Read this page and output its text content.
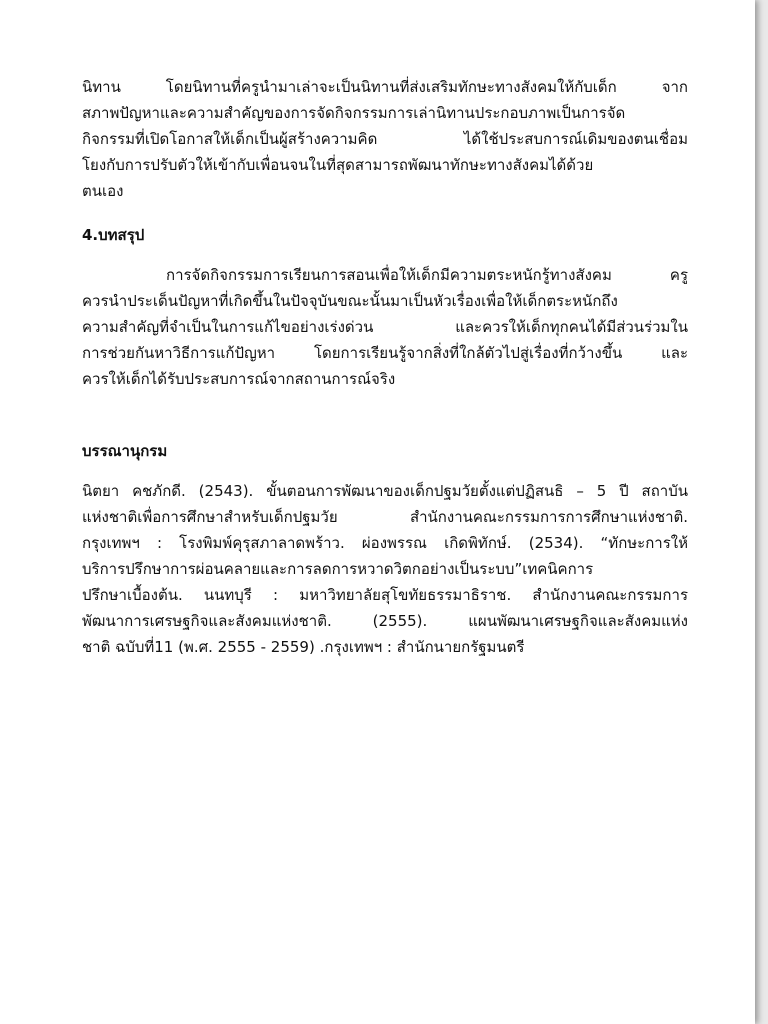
นิทาน โดยนิทานที่ครูนำมาเล่าจะเป็นนิทานที่ส่งเสริมทักษะทางสังคมให้กับเด็ก จาก
สภาพปัญหาและความสำคัญของการจัดกิจกรรมการเล่านิทานประกอบภาพเป็นการจัด
กิจกรรมที่เปิดโอกาสให้เด็กเป็นผู้สร้างความคิด ได้ใช้ประสบการณ์เดิมของตนเชื่อม
โยงกับการปรับตัวให้เข้ากับเพื่อนจนในที่สุดสามารถพัฒนาทักษะทางสังคมได้ด้วย
ตนเอง
4.บทสรุป
การจัดกิจกรรมการเรียนการสอนเพื่อให้เด็กมีความตระหนักรู้ทางสังคม ครู
ควรนำประเด็นปัญหาที่เกิดขึ้นในปัจจุบันขณะนั้นมาเป็นหัวเรื่องเพื่อให้เด็กตระหนักถึง
ความสำคัญที่จำเป็นในการแก้ไขอย่างเร่งด่วน และควรให้เด็กทุกคนได้มีส่วนร่วมใน
การช่วยกันหาวิธีการแก้ปัญหา โดยการเรียนรู้จากสิ่งที่ใกล้ตัวไปสู่เรื่องที่กว้างขึ้น และ
ควรให้เด็กได้รับประสบการณ์จากสถานการณ์จริง
บรรณานุกรม
นิตยา คชภักดี. (2543). ขั้นตอนการพัฒนาของเด็กปฐมวัยตั้งแต่ปฏิสนธิ – 5 ปี สถาบัน
แห่งชาติเพื่อการศึกษาสำหรับเด็กปฐมวัย สำนักงานคณะกรรมการการศึกษาแห่งชาติ.
กรุงเทพฯ : โรงพิมพ์คุรุสภาลาดพร้าว. ผ่องพรรณ เกิดพิทักษ์. (2534). “ทักษะการให้
บริการปรึกษาการผ่อนคลายและการลดการหวาดวิตกอย่างเป็นระบบ”เทคนิคการ
ปรึกษาเบื้องต้น. นนทบุรี : มหาวิทยาลัยสุโขทัยธรรมาธิราช. สำนักงานคณะกรรมการ
พัฒนาการเศรษฐกิจและสังคมแห่งชาติ. (2555). แผนพัฒนาเศรษฐกิจและสังคมแห่ง
ชาติ ฉบับที่11 (พ.ศ. 2555 - 2559) .กรุงเทพฯ : สำนักนายกรัฐมนตรี
